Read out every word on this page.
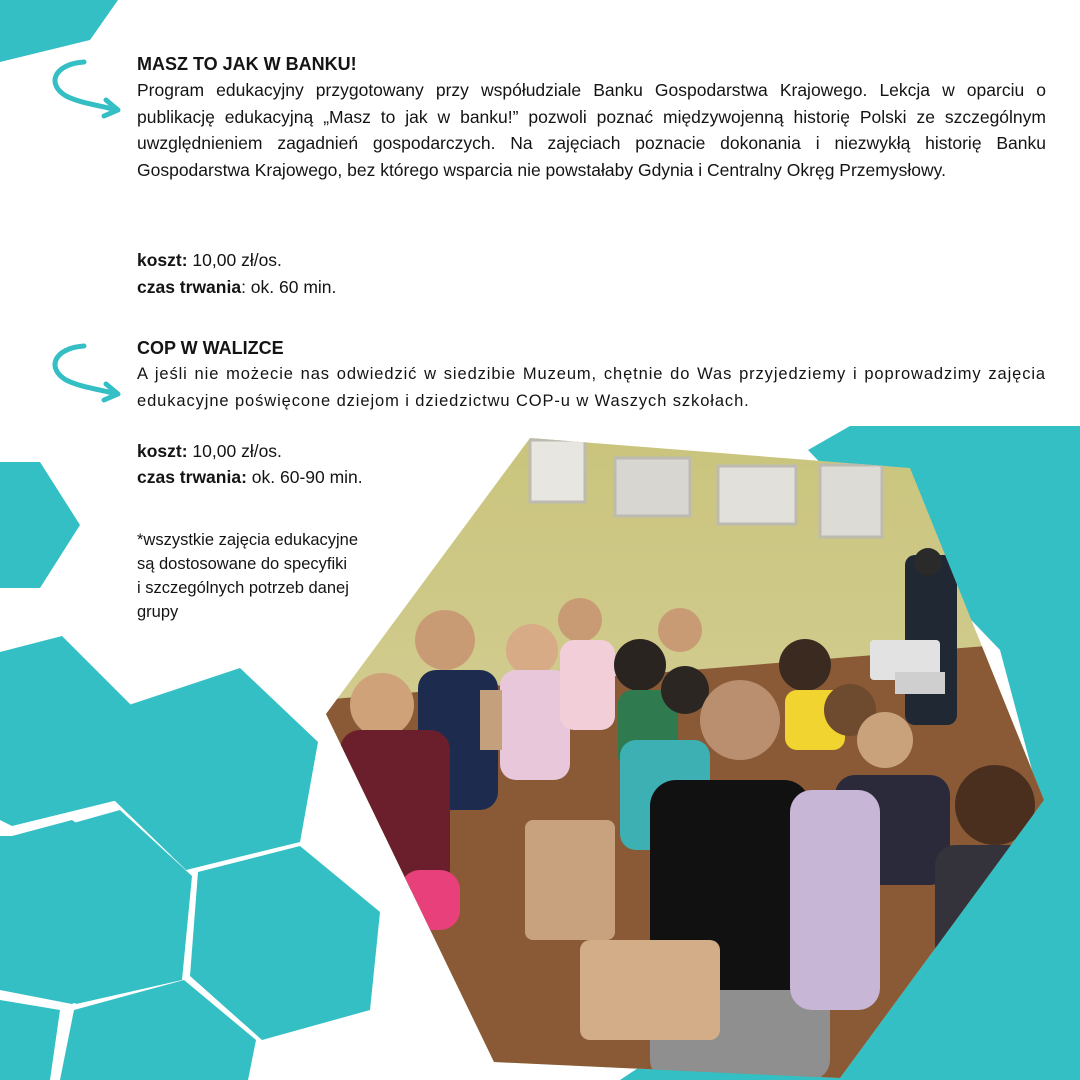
MASZ TO JAK W BANKU!

Program edukacyjny przygotowany przy współudziale Banku Gospodarstwa Krajowego. Lekcja w oparciu o publikację edukacyjną „Masz to jak w banku!” pozwoli poznać międzywojenną historię Polski ze szczególnym uwzględnieniem zagadnień gospodarczych. Na zajęciach poznacie dokonania i niezwykłą historię Banku Gospodarstwa Krajowego, bez którego wsparcia nie powstałaby Gdynia i Centralny Okręg Przemysłowy.

koszt: 10,00 zł/os.
czas trwania: ok. 60 min.
COP W WALIZCE

A jeśli nie możecie nas odwiedzić w siedzibie Muzeum, chętnie do Was przyjedziemy i poprowadzimy zajęcia edukacyjne poświęcone dziejom i dziedzictwu COP-u w Waszych szkołach.

koszt: 10,00 zł/os.
czas trwania: ok. 60-90 min.
*wszystkie zajęcia edukacyjne
są dostosowane do specyfiki
i szczególnych potrzeb danej
grupy
